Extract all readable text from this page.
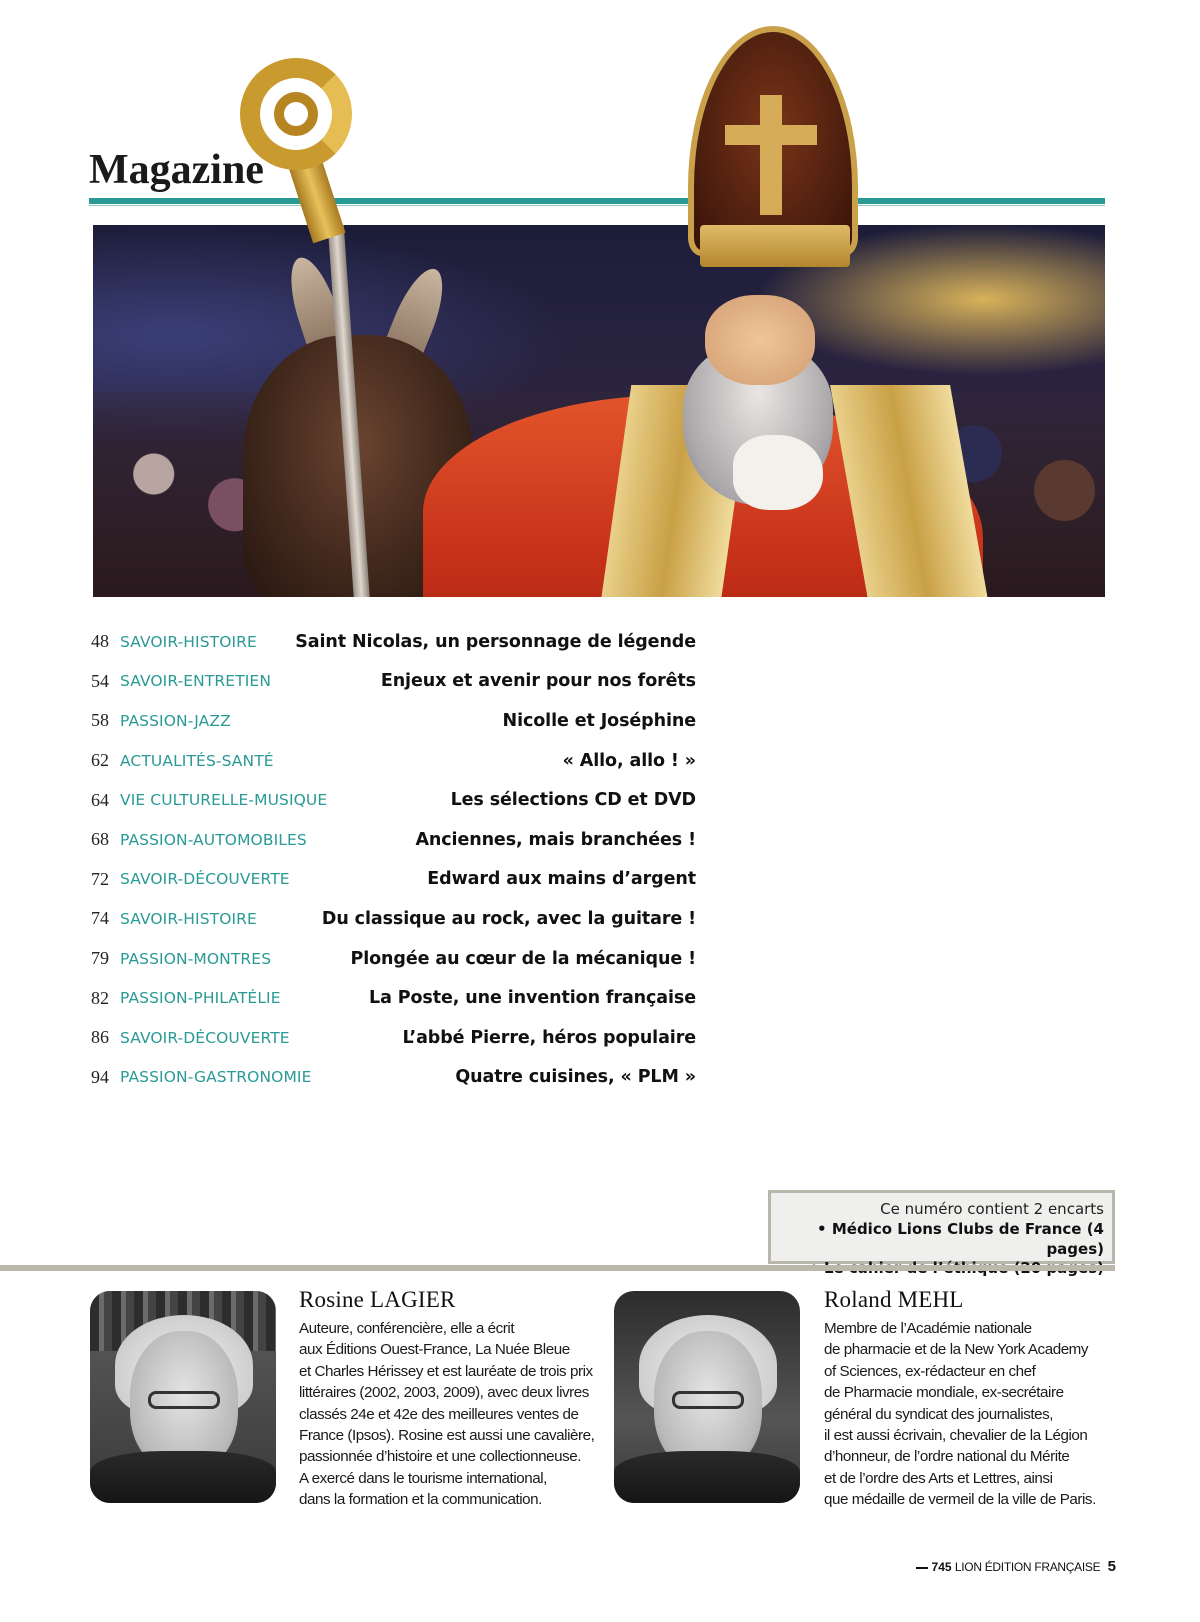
Magazine
48 SAVOIR-HISTOIRE Saint Nicolas, un personnage de légende
54 SAVOIR-ENTRETIEN	Enjeux et avenir pour nos forêts
58 PASSION-JAZZ	Nicolle et Joséphine
62 ACTUALITÉS-SANTÉ	« Allo, allo ! »
64 VIE CULTURELLE-MUSIQUE	Les sélections CD et DVD
68 PASSION-AUTOMOBILES	Anciennes, mais branchées !
72 SAVOIR-DÉCOUVERTE	Edward aux mains d’argent
74 SAVOIR-HISTOIRE	Du classique au rock, avec la guitare !
79 PASSION-MONTRES	Plongée au cœur de la mécanique !
82 PASSION-PHILATÉLIE	La Poste, une invention française
86 SAVOIR-DÉCOUVERTE	L’abbé Pierre, héros populaire
94 PASSION-GASTRONOMIE	Quatre cuisines, « PLM »
Ce numéro contient 2 encarts
• Médico Lions Clubs de France (4 pages)
Rosine LAGIER
Auteure, conférencière, elle a écrit
aux Éditions Ouest-France, La Nuée Bleue
et Charles Hérissey et est lauréate de trois prix
littéraires (2002, 2003, 2009), avec deux livres
classés 24e et 42e des meilleures ventes de
France (Ipsos). Rosine est aussi une cavalière,
passionnée d’histoire et une collectionneuse.
A exercé dans le tourisme international,
dans la formation et la communication.
Roland MEHL
Membre de l’Académie nationale
de pharmacie et de la New York Academy
of Sciences, ex-rédacteur en chef
de Pharmacie mondiale, ex-secrétaire
général du syndicat des journalistes,
il est aussi écrivain, chevalier de la Légion
d’honneur, de l’ordre national du Mérite
et de l’ordre des Arts et Lettres, ainsi
que médaille de vermeil de la ville de Paris.
745 LION ÉDITION FRANÇAISE 5
